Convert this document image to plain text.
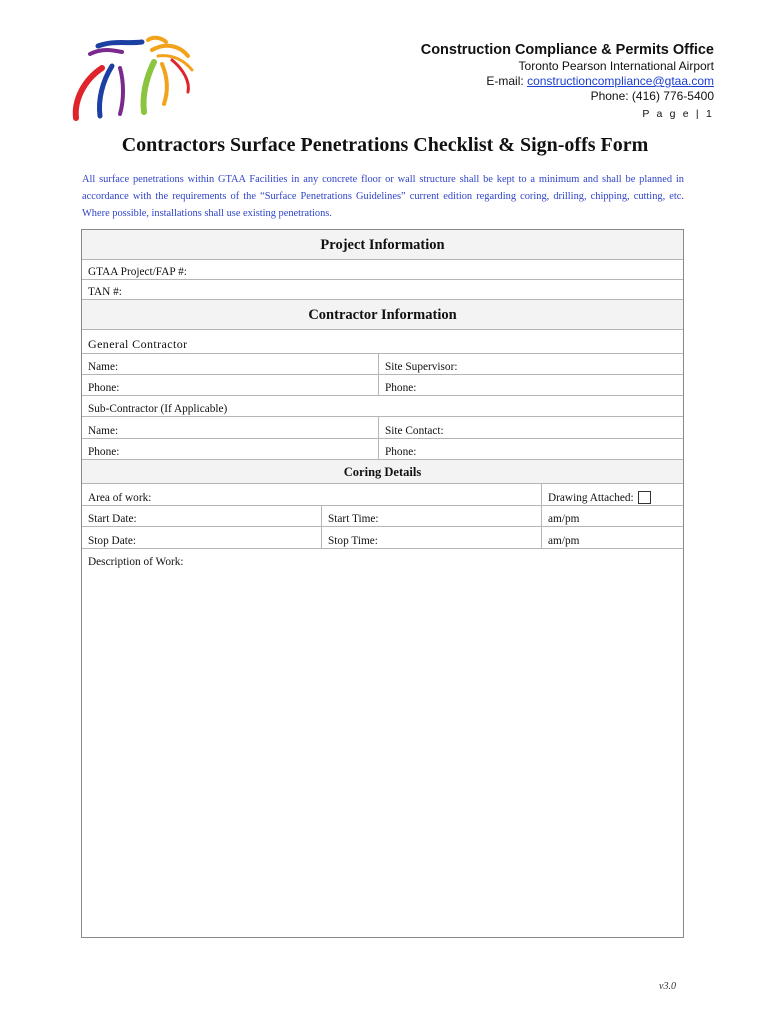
Construction Compliance & Permits Office
Toronto Pearson International Airport
E-mail: constructioncompliance@gtaa.com
Phone: (416) 776-5400
P a g e | 1
Contractors Surface Penetrations Checklist & Sign-offs Form

All surface penetrations within GTAA Facilities in any concrete floor or wall structure shall be kept to a minimum and shall be planned in accordance with the requirements of the “Surface Penetrations Guidelines” current edition regarding coring, drilling, chipping, cutting, etc. Where possible, installations shall use existing penetrations.

Project Information
GTAA Project/FAP #:
TAN #:
Contractor Information
General Contractor
Name:	Site Supervisor:
Phone:	Phone:
Sub-Contractor (If Applicable)
Name:	Site Contact:
Phone:	Phone:
Coring Details
Area of work:	Drawing Attached:
Start Date:	Start Time:	am/pm
Stop Date:	Stop Time:	am/pm
Description of Work:
v3.0
